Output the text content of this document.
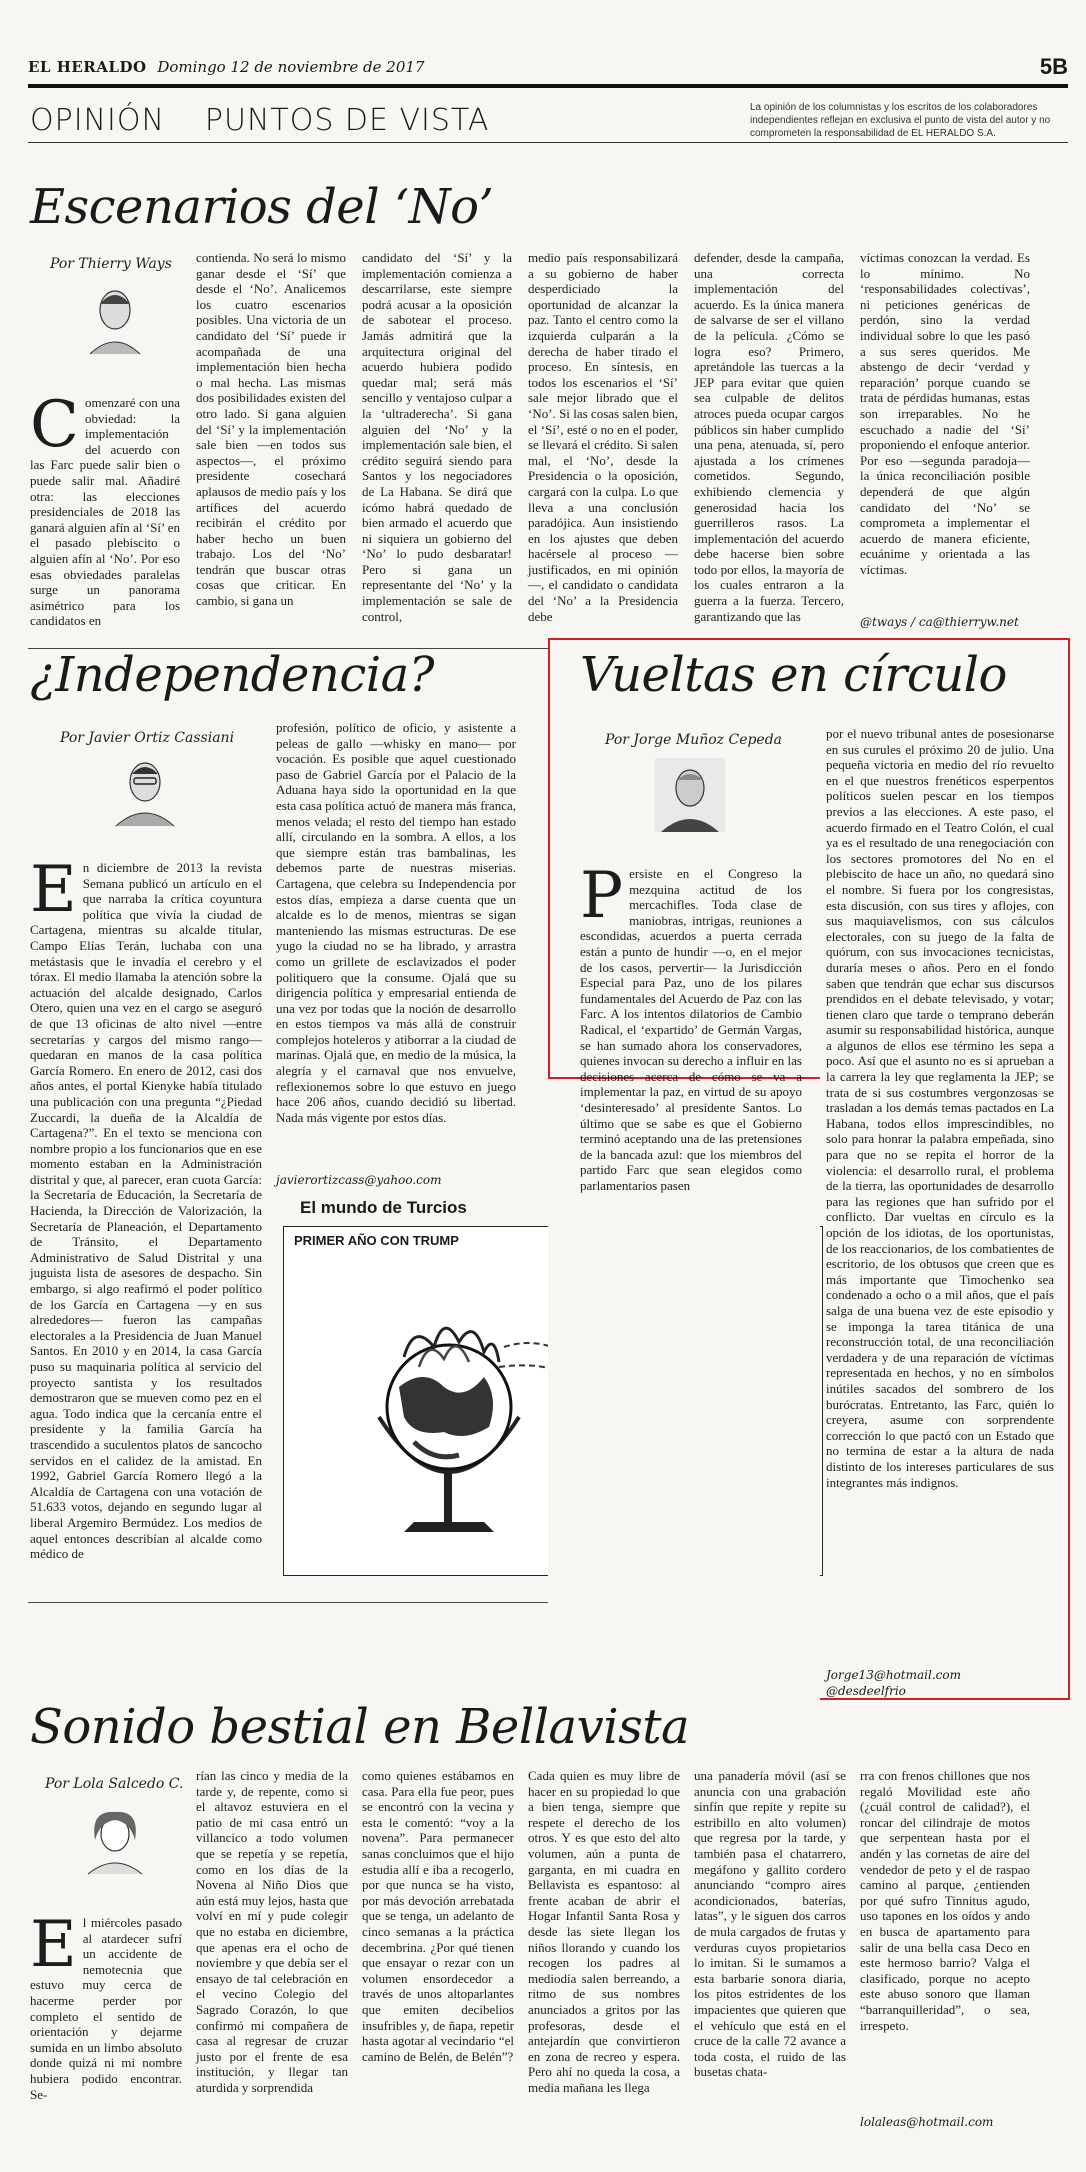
EL HERALDO Domingo 12 de noviembre de 2017	5B
OPINIÓN PUNTOS DE VISTA	La opinión de los columnistas y los escritos de los colaboradores independientes reflejan en exclusiva el punto de vista del autor y no comprometen la responsabilidad de EL HERALDO S.A.
Escenarios del ‘No’
Por Thierry Ways
Comenzaré con una obviedad: la implementación del acuerdo con las Farc puede salir bien o puede salir mal. Añadiré otra: las elecciones presidenciales de 2018 las ganará alguien afín al ‘Sí’ en el pasado plebiscito o alguien afín al ‘No’. Por eso esas obviedades paralelas surge un panorama asimétrico para los candidatos en
contienda. No será lo mismo ganar desde el ‘Sí’ que desde el ‘No’. Analicemos los cuatro escenarios posibles. Una victoria de un candidato del ‘Sí’ puede ir acompañada de una implementación bien hecha o mal hecha. Las mismas dos posibilidades existen del otro lado. Si gana alguien del ‘Sí’ y la implementación sale bien —en todos sus aspectos—, el próximo presidente cosechará aplausos de medio país y los artífices del acuerdo recibirán el crédito por haber hecho un buen trabajo. Los del ‘No’ tendrán que buscar otras cosas que criticar. En cambio, si gana un
candidato del ‘Sí’ y la implementación comienza a descarrilarse, este siempre podrá acusar a la oposición de sabotear el proceso. Jamás admitirá que la arquitectura original del acuerdo hubiera podido quedar mal; será más sencillo y ventajoso culpar a la ‘ultraderecha’. Si gana alguien del ‘No’ y la implementación sale bien, el crédito seguirá siendo para Santos y los negociadores de La Habana. Se dirá que icómo habrá quedado de bien armado el acuerdo que ni siquiera un gobierno del ‘No’ lo pudo desbaratar! Pero si gana un representante del ‘No’ y la implementación se sale de control,
medio país responsabilizará a su gobierno de haber desperdiciado la oportunidad de alcanzar la paz. Tanto el centro como la izquierda culparán a la derecha de haber tirado el proceso. En síntesis, en todos los escenarios el ‘Sí’ sale mejor librado que el ‘No’. Si las cosas salen bien, el ‘Sí’, esté o no en el poder, se llevará el crédito. Si salen mal, el ‘No’, desde la Presidencia o la oposición, cargará con la culpa. Lo que lleva a una conclusión paradójica. Aun insistiendo en los ajustes que deben hacérsele al proceso —justificados, en mi opinión—, el candidato o candidata del ‘No’ a la Presidencia debe
defender, desde la campaña, una correcta implementación del acuerdo. Es la única manera de salvarse de ser el villano de la película. ¿Cómo se logra eso? Primero, apretándole las tuercas a la JEP para evitar que quien sea culpable de delitos atroces pueda ocupar cargos públicos sin haber cumplido una pena, atenuada, sí, pero ajustada a los crímenes cometidos. Segundo, exhibiendo clemencia y generosidad hacia los guerrilleros rasos. La implementación del acuerdo debe hacerse bien sobre todo por ellos, la mayoría de los cuales entraron a la guerra a la fuerza. Tercero, garantizando que las
víctimas conozcan la verdad. Es lo mínimo. No ‘responsabilidades colectivas’, ni peticiones genéricas de perdón, sino la verdad individual sobre lo que les pasó a sus seres queridos. Me abstengo de decir ‘verdad y reparación’ porque cuando se trata de pérdidas humanas, estas son irreparables. No he escuchado a nadie del ‘Sí’ proponiendo el enfoque anterior. Por eso —segunda paradoja— la única reconciliación posible dependerá de que algún candidato del ‘No’ se comprometa a implementar el acuerdo de manera eficiente, ecuánime y orientada a las víctimas.
@tways / ca@thierryw.net
¿Independencia?
Por Javier Ortiz Cassiani
En diciembre de 2013 la revista Semana publicó un artículo en el que narraba la crítica coyuntura política que vivía la ciudad de Cartagena, mientras su alcalde titular, Campo Elías Terán, luchaba con una metástasis que le invadía el cerebro y el tórax. El medio llamaba la atención sobre la actuación del alcalde designado, Carlos Otero, quien una vez en el cargo se aseguró de que 13 oficinas de alto nivel —entre secretarías y cargos del mismo rango— quedaran en manos de la casa política García Romero. En enero de 2012, casi dos años antes, el portal Kienyke había titulado una publicación con una pregunta “¿Piedad Zuccardi, la dueña de la Alcaldía de Cartagena?”. En el texto se menciona con nombre propio a los funcionarios que en ese momento estaban en la Administración distrital y que, al parecer, eran cuota García: la Secretaría de Educación, la Secretaría de Hacienda, la Dirección de Valorización, la Secretaría de Planeación, el Departamento de Tránsito, el Departamento Administrativo de Salud Distrital y una juguista lista de asesores de despacho. Sin embargo, si algo reafirmó el poder político de los García en Cartagena —y en sus alrededores— fueron las campañas electorales a la Presidencia de Juan Manuel Santos. En 2010 y en 2014, la casa García puso su maquinaria política al servicio del proyecto santista y los resultados demostraron que se mueven como pez en el agua. Todo indica que la cercanía entre el presidente y la familia García ha trascendido a suculentos platos de sancocho servidos en el calidez de la amistad. En 1992, Gabriel García Romero llegó a la Alcaldía de Cartagena con una votación de 51.633 votos, dejando en segundo lugar al liberal Argemiro Bermúdez. Los medios de aquel entonces describían al alcalde como médico de
profesión, político de oficio, y asistente a peleas de gallo —whisky en mano— por vocación. Es posible que aquel cuestionado paso de Gabriel García por el Palacio de la Aduana haya sido la oportunidad en la que esta casa política actuó de manera más franca, menos velada; el resto del tiempo han estado allí, circulando en la sombra. A ellos, a los que siempre están tras bambalinas, les debemos parte de nuestras miserias. Cartagena, que celebra su Independencia por estos días, empieza a darse cuenta que un alcalde es lo de menos, mientras se sigan manteniendo las mismas estructuras. De ese yugo la ciudad no se ha librado, y arrastra como un grillete de esclavizados el poder politiquero que la consume. Ojalá que su dirigencia política y empresarial entienda de una vez por todas que la noción de desarrollo en estos tiempos va más allá de construir complejos hoteleros y atiborrar a la ciudad de marinas. Ojalá que, en medio de la música, la alegría y el carnaval que nos envuelve, reflexionemos sobre lo que estuvo en juego hace 206 años, cuando decidió su libertad. Nada más vigente por estos días.
javierortizcass@yahoo.com
El mundo de Turcios
PRIMER AÑO CON TRUMP
Vueltas en círculo
Por Jorge Muñoz Cepeda
Persiste en el Congreso la mezquina actitud de los mercachifles. Toda clase de maniobras, intrigas, reuniones a escondidas, acuerdos a puerta cerrada están a punto de hundir —o, en el mejor de los casos, pervertir— la Jurisdicción Especial para Paz, uno de los pilares fundamentales del Acuerdo de Paz con las Farc. A los intentos dilatorios de Cambio Radical, el ‘expartido’ de Germán Vargas, se han sumado ahora los conservadores, quienes invocan su derecho a influir en las decisiones acerca de cómo se va a implementar la paz, en virtud de su apoyo ‘desinteresado’ al presidente Santos. Lo último que se sabe es que el Gobierno terminó aceptando una de las pretensiones de la bancada azul: que los miembros del partido Farc que sean elegidos como parlamentarios pasen
por el nuevo tribunal antes de posesionarse en sus curules el próximo 20 de julio. Una pequeña victoria en medio del río revuelto en el que nuestros frenéticos esperpentos políticos suelen pescar en los tiempos previos a las elecciones. A este paso, el acuerdo firmado en el Teatro Colón, el cual ya es el resultado de una renegociación con los sectores promotores del No en el plebiscito de hace un año, no quedará sino el nombre. Si fuera por los congresistas, esta discusión, con sus tires y aflojes, con sus maquiavelismos, con sus cálculos electorales, con su juego de la falta de quórum, con sus invocaciones tecnicistas, duraría meses o años. Pero en el fondo saben que tendrán que echar sus discursos prendidos en el debate televisado, y votar; tienen claro que tarde o temprano deberán asumir su responsabilidad histórica, aunque a algunos de ellos ese término les sepa a poco. Así que el asunto no es si aprueban a la carrera la ley que reglamenta la JEP; se trata de si sus costumbres vergonzosas se trasladan a los demás temas pactados en La Habana, todos ellos imprescindibles, no solo para honrar la palabra empeñada, sino para que no se repita el horror de la violencia: el desarrollo rural, el problema de la tierra, las oportunidades de desarrollo para las regiones que han sufrido por el conflicto. Dar vueltas en círculo es la opción de los idiotas, de los oportunistas, de los reaccionarios, de los combatientes de escritorio, de los obtusos que creen que es más importante que Timochenko sea condenado a ocho o a mil años, que el país salga de una buena vez de este episodio y se imponga la tarea titánica de una reconstrucción total, de una reconciliación verdadera y de una reparación de víctimas representada en hechos, y no en símbolos inútiles sacados del sombrero de los burócratas. Entretanto, las Farc, quién lo creyera, asume con sorprendente corrección lo que pactó con un Estado que no termina de estar a la altura de nada distinto de los intereses particulares de sus integrantes más indignos.
Jorge13@hotmail.com
@desdeelfrio
Sonido bestial en Bellavista
Por Lola Salcedo C.
El miércoles pasado al atardecer sufrí un accidente de nemotecnia que estuvo muy cerca de hacerme perder por completo el sentido de orientación y dejarme sumida en un limbo absoluto donde quizá ni mi nombre hubiera podido encontrar. Se-
rían las cinco y media de la tarde y, de repente, como si el altavoz estuviera en el patio de mi casa entró un villancico a todo volumen que se repetía y se repetía, como en los días de la Novena al Niño Dios que aún está muy lejos, hasta que volví en mí y pude colegir que no estaba en diciembre, que apenas era el ocho de noviembre y que debía ser el ensayo de tal celebración en el vecino Colegio del Sagrado Corazón, lo que confirmó mi compañera de casa al regresar de cruzar justo por el frente de esa institución, y llegar tan aturdida y sorprendida
como quienes estábamos en casa. Para ella fue peor, pues se encontró con la vecina y esta le comentó: “voy a la novena”. Para permanecer sanas concluimos que el hijo estudia allí e iba a recogerlo, por que nunca se ha visto, por más devoción arrebatada que se tenga, un adelanto de cinco semanas a la práctica decembrina. ¿Por qué tienen que ensayar o rezar con un volumen ensordecedor a través de unos altoparlantes que emiten decibelios insufribles y, de ñapa, repetir hasta agotar al vecindario “el camino de Belén, de Belén”?
Cada quien es muy libre de hacer en su propiedad lo que a bien tenga, siempre que respete el derecho de los otros. Y es que esto del alto volumen, aún a punta de garganta, en mi cuadra en Bellavista es espantoso: al frente acaban de abrir el Hogar Infantil Santa Rosa y desde las siete llegan los niños llorando y cuando los recogen los padres al mediodía salen berreando, a ritmo de sus nombres anunciados a gritos por las profesoras, desde el antejardín que convirtieron en zona de recreo y espera. Pero ahí no queda la cosa, a media mañana les llega
una panadería móvil (así se anuncia con una grabación sinfín que repite y repite su estribillo en alto volumen) que regresa por la tarde, y también pasa el chatarrero, megáfono y gallito cordero anunciando “compro aires acondicionados, baterías, latas”, y le siguen dos carros de mula cargados de frutas y verduras cuyos propietarios lo imitan. Si le sumamos a esta barbarie sonora diaria, los pitos estridentes de los impacientes que quieren que el vehículo que está en el cruce de la calle 72 avance a toda costa, el ruido de las busetas chata-
rra con frenos chillones que nos regaló Movilidad este año (¿cuál control de calidad?), el roncar del cilindraje de motos que serpentean hasta por el andén y las cornetas de aire del vendedor de peto y el de raspao camino al parque, ¿entienden por qué sufro Tinnitus agudo, uso tapones en los oídos y ando en busca de apartamento para salir de una bella casa Deco en este hermoso barrio? Valga el clasificado, porque no acepto este abuso sonoro que llaman “barranquilleridad”, o sea, irrespeto.
lolaleas@hotmail.com
